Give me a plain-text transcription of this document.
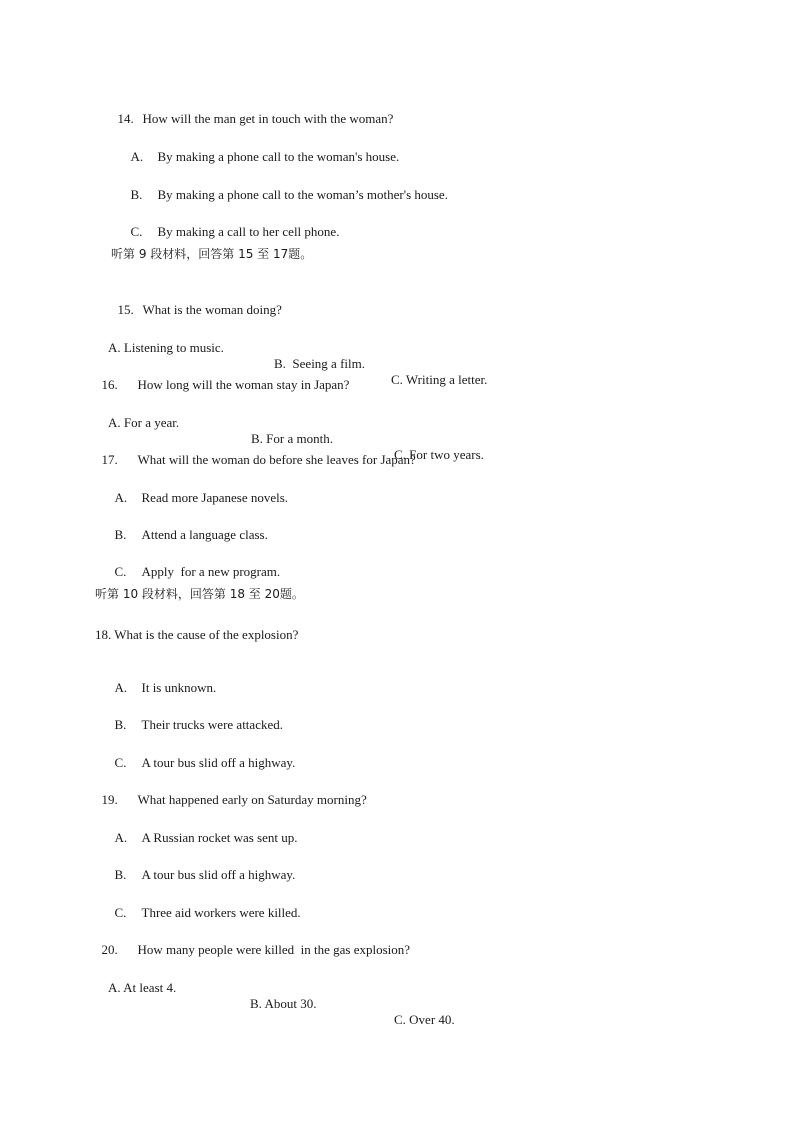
14. How will the man get in touch with the woman?

A. By making a phone call to the woman's house.

B. By making a phone call to the woman’s mother's house.

C. By making a call to her cell phone.

听第 9 段材料，回答第 15 至 17题。

15. What is the woman doing?

A. Listening to music.

B.  Seeing a film.

C. Writing a letter.

16. How long will the woman stay in Japan?

A. For a year.

B. For a month.

C. For two years.

17. What will the woman do before she leaves for Japan?

A. Read more Japanese novels.

B. Attend a language class.

C. Apply  for a new program.

听第 10 段材料，回答第 18 至 20题。
18. What is the cause of the explosion?

A. It is unknown.

B. Their trucks were attacked.

C. A tour bus slid off a highway.

19. What happened early on Saturday morning?

A. A Russian rocket was sent up.

B. A tour bus slid off a highway.

C. Three aid workers were killed.

20. How many people were killed  in the gas explosion?

A. At least 4.

B. About 30.

C. Over 40.
